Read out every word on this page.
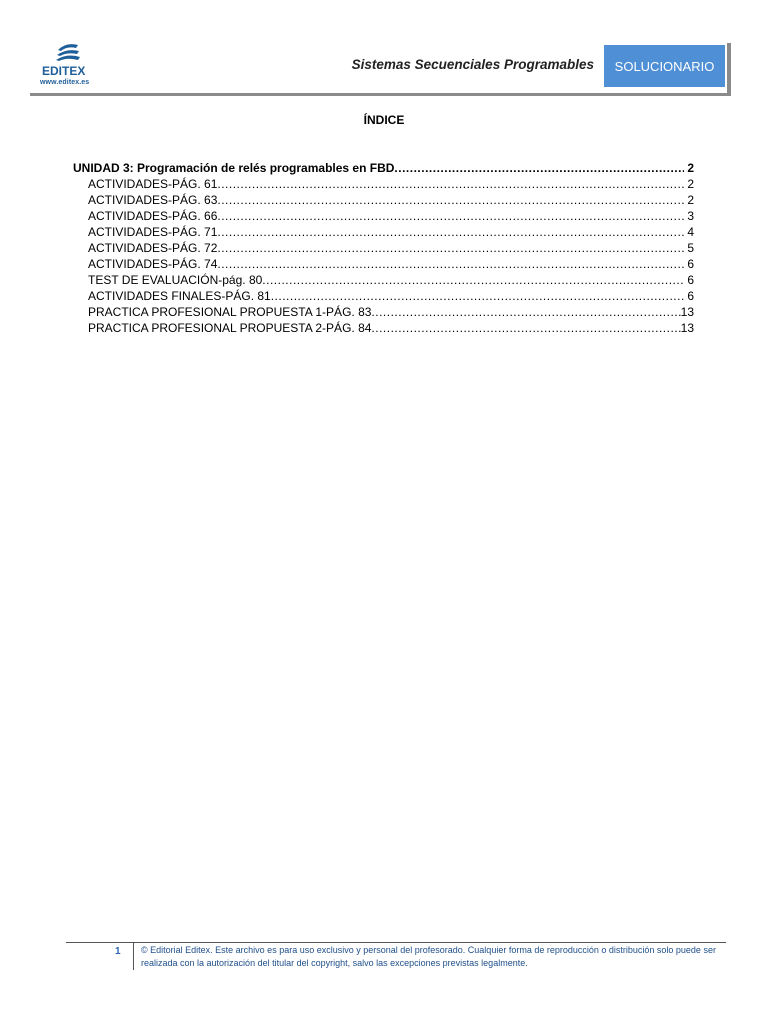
EDITEX
www.editex.es
Sistemas Secuenciales Programables	SOLUCIONARIO
ÍNDICE
UNIDAD 3: Programación de relés programables en FBD .....	2
ACTIVIDADES-PÁG. 61 .....	2
ACTIVIDADES-PÁG. 63 .....	2
ACTIVIDADES-PÁG. 66 .....	3
ACTIVIDADES-PÁG. 71 .....	4
ACTIVIDADES-PÁG. 72 .....	5
ACTIVIDADES-PÁG. 74 .....	6
TEST DE EVALUACIÓN-pág. 80 .....	6
ACTIVIDADES FINALES-PÁG. 81 .....	6
PRACTICA PROFESIONAL PROPUESTA 1-PÁG. 83 .....	13
PRACTICA PROFESIONAL PROPUESTA 2-PÁG. 84 .....	13
1 © Editorial Editex. Este archivo es para uso exclusivo y personal del profesorado. Cualquier forma de reproducción o distribución solo puede ser realizada con la autorización del titular del copyright, salvo las excepciones previstas legalmente.
